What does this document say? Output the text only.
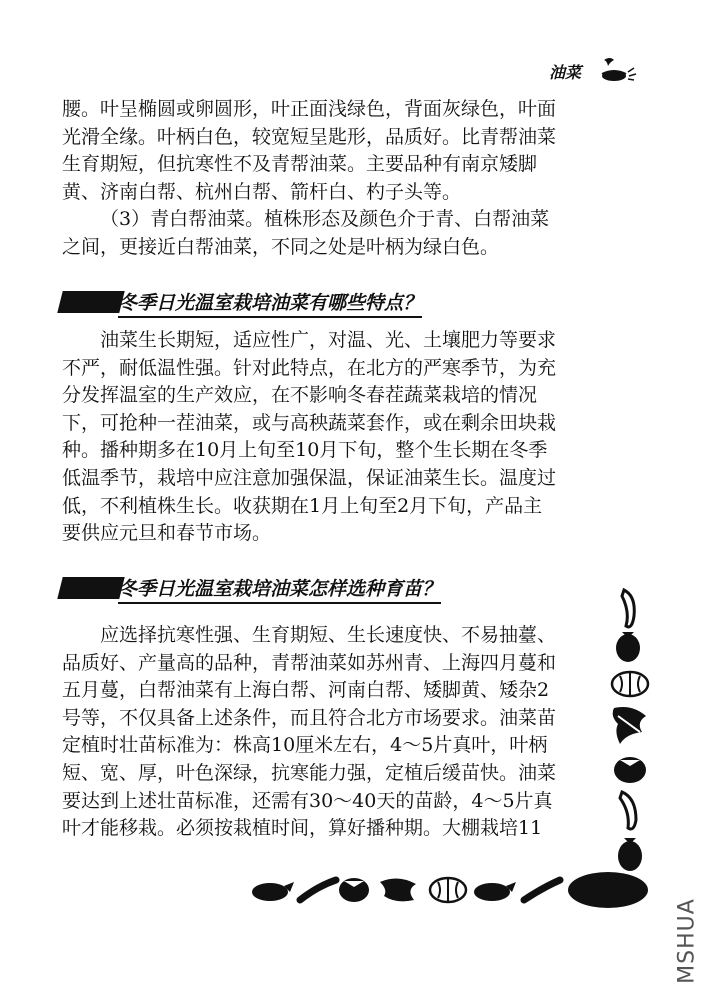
油菜
腰。叶呈椭圆或卵圆形，叶正面浅绿色，背面灰绿色，叶面
光滑全缘。叶柄白色，较宽短呈匙形，品质好。比青帮油菜
生育期短，但抗寒性不及青帮油菜。主要品种有南京矮脚
黄、济南白帮、杭州白帮、箭杆白、杓子头等。
（3）青白帮油菜。植株形态及颜色介于青、白帮油菜
之间，更接近白帮油菜，不同之处是叶柄为绿白色。
冬季日光温室栽培油菜有哪些特点？
油菜生长期短，适应性广，对温、光、土壤肥力等要求
不严，耐低温性强。针对此特点，在北方的严寒季节，为充
分发挥温室的生产效应，在不影响冬春茬蔬菜栽培的情况
下，可抢种一茬油菜，或与高秧蔬菜套作，或在剩余田块栽
种。播种期多在10月上旬至10月下旬，整个生长期在冬季
低温季节，栽培中应注意加强保温，保证油菜生长。温度过
低，不利植株生长。收获期在1月上旬至2月下旬，产品主
要供应元旦和春节市场。
冬季日光温室栽培油菜怎样选种育苗？
应选择抗寒性强、生育期短、生长速度快、不易抽薹、
品质好、产量高的品种，青帮油菜如苏州青、上海四月蔓和
五月蔓，白帮油菜有上海白帮、河南白帮、矮脚黄、矮杂2
号等，不仅具备上述条件，而且符合北方市场要求。油菜苗
定植时壮苗标准为：株高10厘米左右，4～5片真叶，叶柄
短、宽、厚，叶色深绿，抗寒能力强，定植后缓苗快。油菜
要达到上述壮苗标准，还需有30～40天的苗龄，4～5片真
叶才能移栽。必须按栽植时间，算好播种期。大棚栽培11
MSHUA
